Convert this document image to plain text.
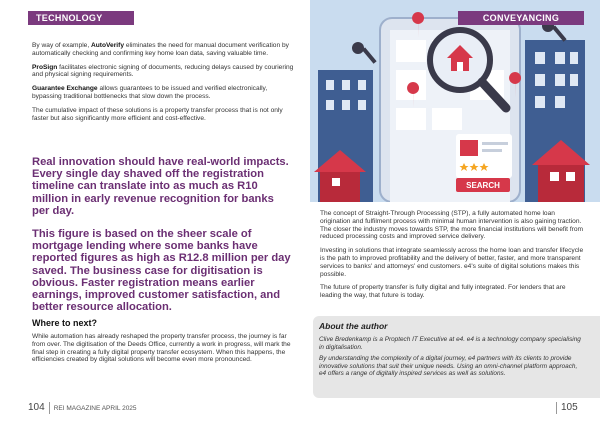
TECHNOLOGY

By way of example, AutoVerify eliminates the need for manual document verification by automatically checking and confirming key home loan data, saving valuable time.

ProSign facilitates electronic signing of documents, reducing delays caused by couriering and physical signing requirements.

Guarantee Exchange allows guarantees to be issued and verified electronically, bypassing traditional bottlenecks that slow down the process.

The cumulative impact of these solutions is a property transfer process that is not only faster but also significantly more efficient and cost-effective.

Real innovation should have real-world impacts. Every single day shaved off the registration timeline can translate into as much as R10 million in early revenue recognition for banks per day.
This figure is based on the sheer scale of mortgage lending where some banks have reported figures as high as R12.8 million per day saved. The business case for digitisation is obvious. Faster registration means earlier earnings, improved customer satisfaction, and better resource allocation.
Where to next?

While automation has already reshaped the property transfer process, the journey is far from over. The digitisation of the Deeds Office, currently a work in progress, will mark the final step in creating a fully digital property transfer ecosystem. When this happens, the efficiencies created by digital solutions will become even more pronounced.

104 REI MAGAZINE APRIL 2025
CONVEYANCING
SEARCH

The concept of Straight-Through Processing (STP), a fully automated home loan origination and fulfilment process with minimal human intervention is also gaining traction. The closer the industry moves towards STP, the more financial institutions will benefit from reduced processing costs and improved service delivery.

Investing in solutions that integrate seamlessly across the home loan and transfer lifecycle is the path to improved profitability and the delivery of better, faster, and more transparent services to banks' and attorneys' end customers. e4's suite of digital solutions makes this possible.

The future of property transfer is fully digital and fully integrated. For lenders that are leading the way, that future is today.

About the author

Clive Bredenkamp is a Proptech IT Executive at e4. e4 is a technology company specialising in digitalisation.

By understanding the complexity of a digital journey, e4 partners with its clients to provide innovative solutions that suit their unique needs. Using an omni-channel platform approach, e4 offers a range of digitally inspired services as well as solutions.

105
